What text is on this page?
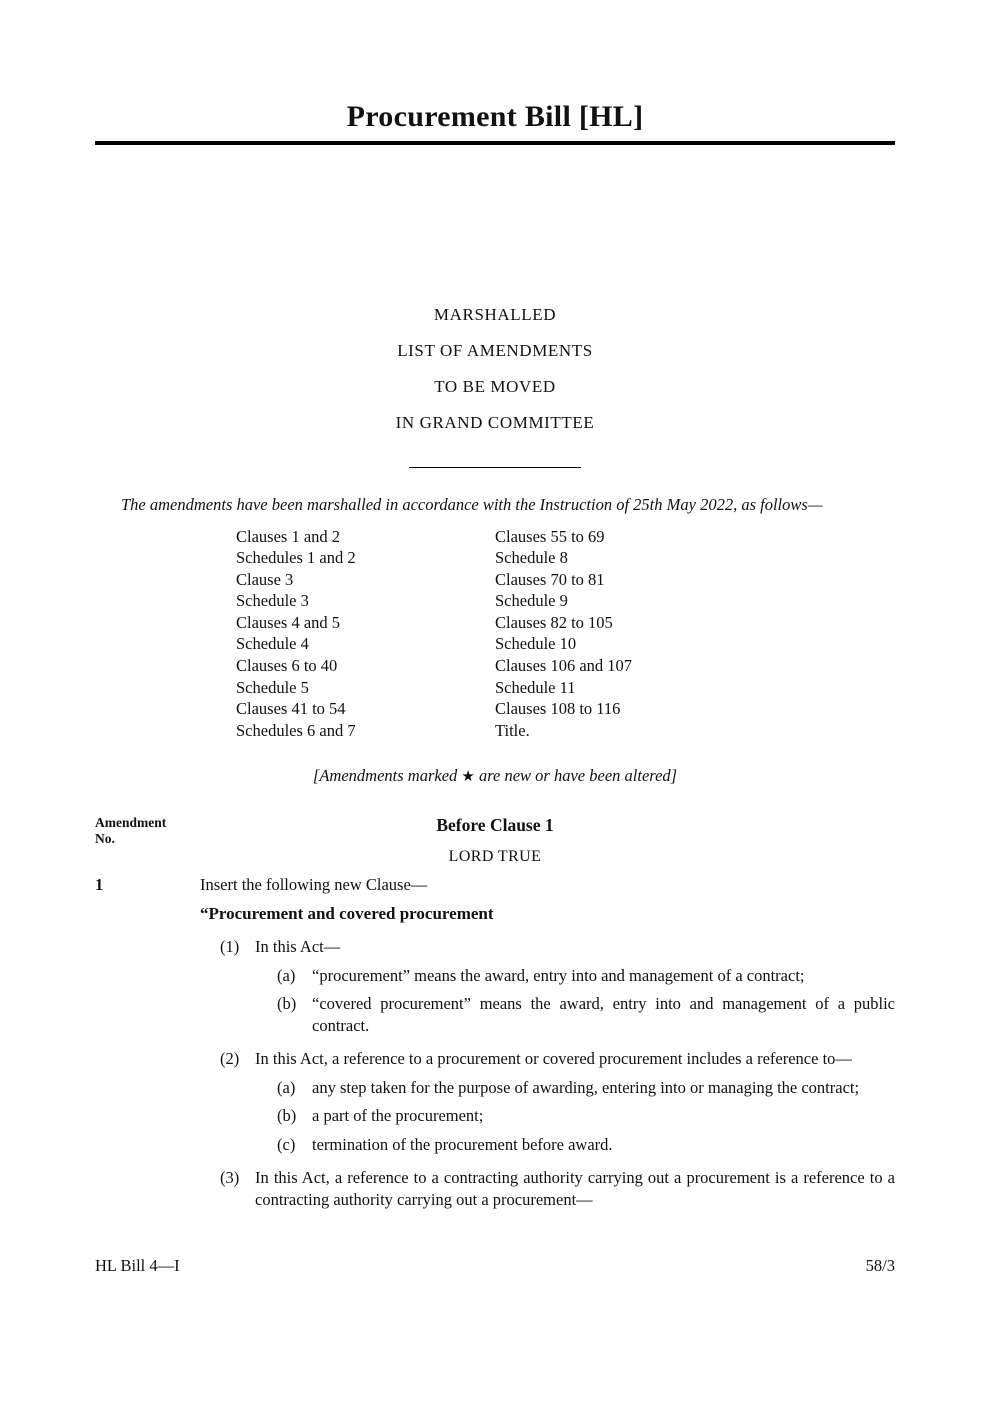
Procurement Bill [HL]
MARSHALLED
LIST OF AMENDMENTS
TO BE MOVED
IN GRAND COMMITTEE

The amendments have been marshalled in accordance with the Instruction of 25th May 2022, as follows—

Clauses 1 and 2
Schedules 1 and 2
Clause 3
Schedule 3
Clauses 4 and 5
Schedule 4
Clauses 6 to 40
Schedule 5
Clauses 41 to 54
Schedules 6 and 7
Clauses 55 to 69
Schedule 8
Clauses 70 to 81
Schedule 9
Clauses 82 to 105
Schedule 10
Clauses 106 and 107
Schedule 11
Clauses 108 to 116
Title.

[Amendments marked ★ are new or have been altered]

Amendment
No.
Before Clause 1
LORD TRUE
1	Insert the following new Clause—

“Procurement and covered procurement

(1) In this Act—
(a) “procurement” means the award, entry into and management of a contract;
(b) “covered procurement” means the award, entry into and management of a public contract.
(2) In this Act, a reference to a procurement or covered procurement includes a reference to—
(a) any step taken for the purpose of awarding, entering into or managing the contract;
(b) a part of the procurement;
(c) termination of the procurement before award.
(3) In this Act, a reference to a contracting authority carrying out a procurement is a reference to a contracting authority carrying out a procurement—
HL Bill 4—I	58/3
